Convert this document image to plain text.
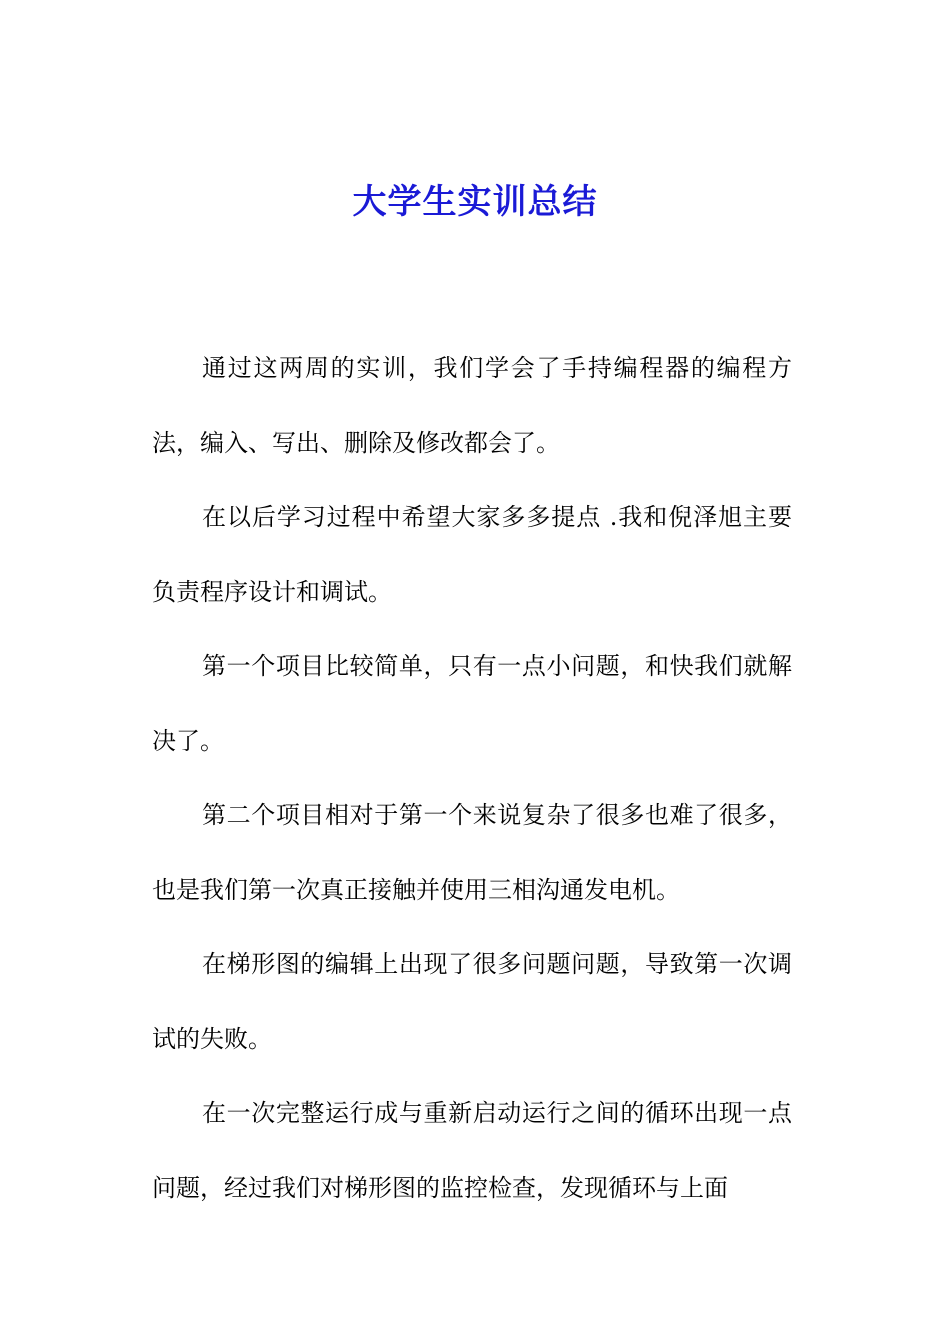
大学生实训总结

通过这两周的实训，我们学会了手持编程器的编程方法，编入、写出、删除及修改都会了。

在以后学习过程中希望大家多多提点 .我和倪泽旭主要负责程序设计和调试。

第一个项目比较简单，只有一点小问题，和快我们就解决了。

第二个项目相对于第一个来说复杂了很多也难了很多，也是我们第一次真正接触并使用三相沟通发电机。

在梯形图的编辑上出现了很多问题问题，导致第一次调试的失败。

在一次完整运行成与重新启动运行之间的循环出现一点问题，经过我们对梯形图的监控检查，发现循环与上面
